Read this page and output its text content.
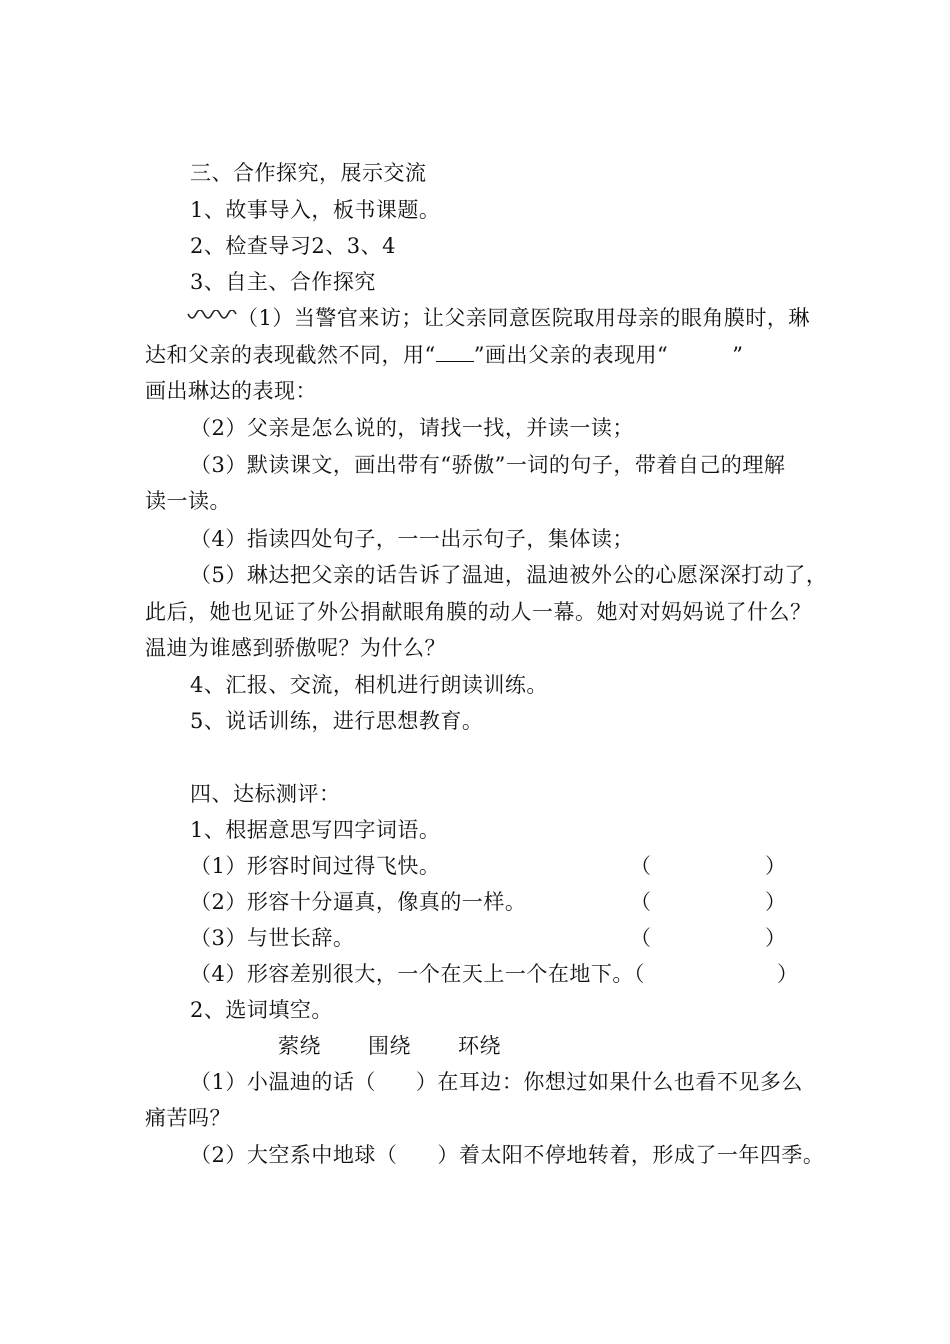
三、合作探究，展示交流
1、故事导入，板书课题。
2、检查导习2、3、4
3、自主、合作探究
（1）当警官来访；让父亲同意医院取用母亲的眼角膜时，琳
达和父亲的表现截然不同，用“ ”画出父亲的表现用“	”
画出琳达的表现：
（2）父亲是怎么说的，请找一找，并读一读；
（3）默读课文，画出带有“骄傲”一词的句子，带着自己的理解
读一读。
（4）指读四处句子，一一出示句子，集体读；
（5）琳达把父亲的话告诉了温迪，温迪被外公的心愿深深打动了，
此后，她也见证了外公捐献眼角膜的动人一幕。她对对妈妈说了什么？
温迪为谁感到骄傲呢？为什么？
4、汇报、交流，相机进行朗读训练。
5、说话训练，进行思想教育。
四、达标测评：
1、根据意思写四字词语。
（1）形容时间过得飞快。	（	）
（2）形容十分逼真，像真的一样。	（	）
（3）与世长辞。	（	）
（4）形容差别很大，一个在天上一个在地下。（	）
2、选词填空。
萦绕 围绕 环绕
（1）小温迪的话（ ）在耳边：你想过如果什么也看不见多么
痛苦吗？
（2）大空系中地球（ ）着太阳不停地转着，形成了一年四季。
